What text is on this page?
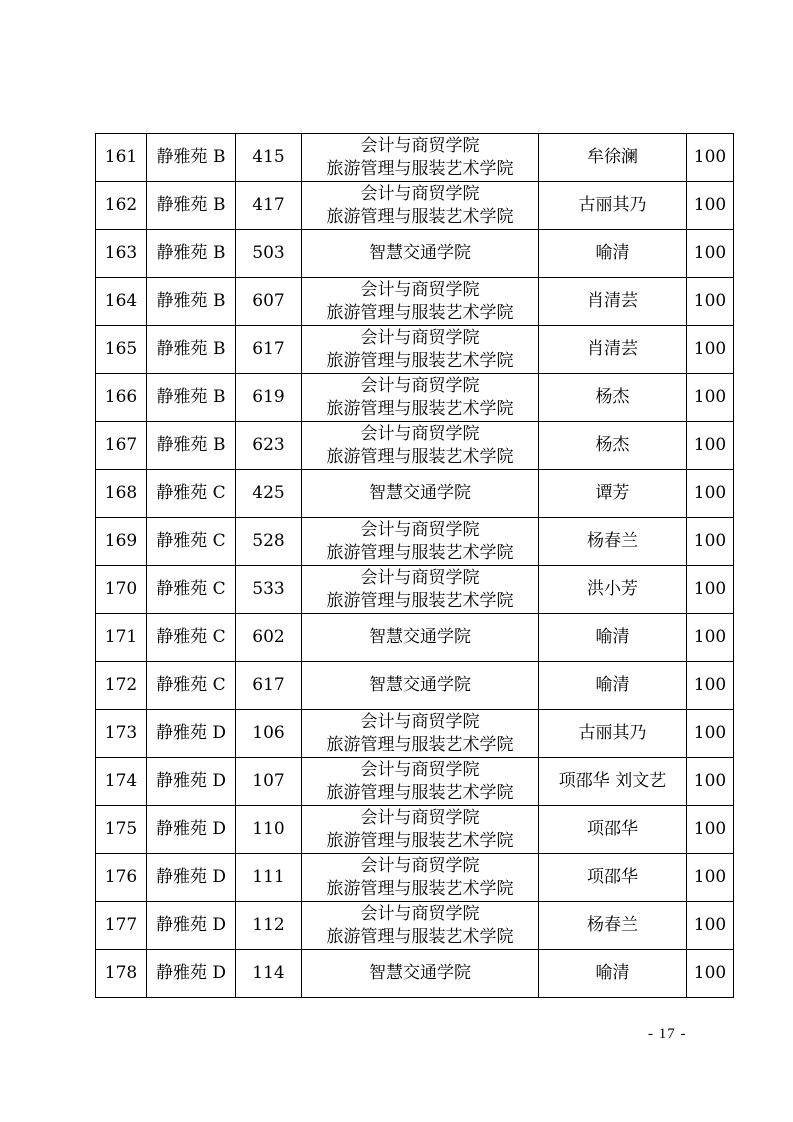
161	静雅苑 B	415	会计与商贸学院
旅游管理与服装艺术学院	牟徐澜	100
162	静雅苑 B	417	会计与商贸学院
旅游管理与服装艺术学院	古丽其乃	100
163	静雅苑 B	503	智慧交通学院	喻清	100
164	静雅苑 B	607	会计与商贸学院
旅游管理与服装艺术学院	肖清芸	100
165	静雅苑 B	617	会计与商贸学院
旅游管理与服装艺术学院	肖清芸	100
166	静雅苑 B	619	会计与商贸学院
旅游管理与服装艺术学院	杨杰	100
167	静雅苑 B	623	会计与商贸学院
旅游管理与服装艺术学院	杨杰	100
168	静雅苑 C	425	智慧交通学院	谭芳	100
169	静雅苑 C	528	会计与商贸学院
旅游管理与服装艺术学院	杨春兰	100
170	静雅苑 C	533	会计与商贸学院
旅游管理与服装艺术学院	洪小芳	100
171	静雅苑 C	602	智慧交通学院	喻清	100
172	静雅苑 C	617	智慧交通学院	喻清	100
173	静雅苑 D	106	会计与商贸学院
旅游管理与服装艺术学院	古丽其乃	100
174	静雅苑 D	107	会计与商贸学院
旅游管理与服装艺术学院	项邵华 刘文艺	100
175	静雅苑 D	110	会计与商贸学院
旅游管理与服装艺术学院	项邵华	100
176	静雅苑 D	111	会计与商贸学院
旅游管理与服装艺术学院	项邵华	100
177	静雅苑 D	112	会计与商贸学院
旅游管理与服装艺术学院	杨春兰	100
178	静雅苑 D	114	智慧交通学院	喻清	100
- 17 -
